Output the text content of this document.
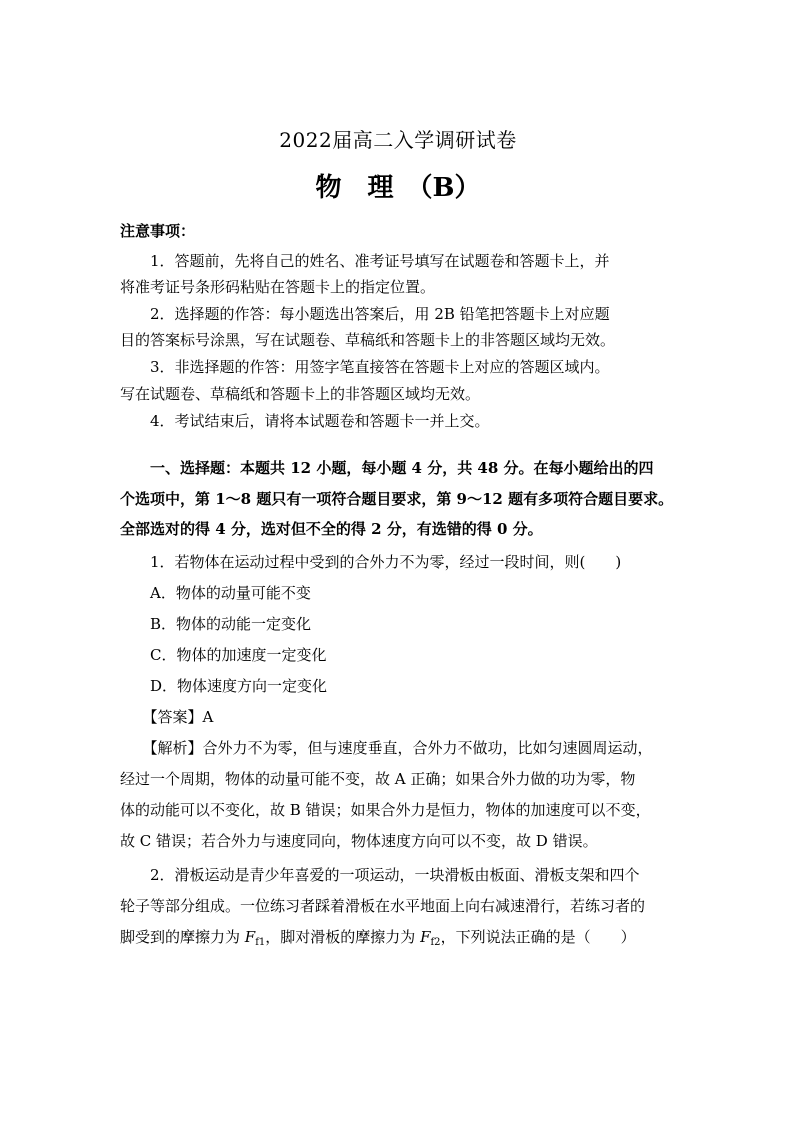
2022届高二入学调研试卷
物　理　（B）
注意事项：
　　1．答题前，先将自己的姓名、准考证号填写在试题卷和答题卡上，并
将准考证号条形码粘贴在答题卡上的指定位置。
　　2．选择题的作答：每小题选出答案后，用 2B 铅笔把答题卡上对应题
目的答案标号涂黑，写在试题卷、草稿纸和答题卡上的非答题区域均无效。
　　3．非选择题的作答：用签字笔直接答在答题卡上对应的答题区域内。
写在试题卷、草稿纸和答题卡上的非答题区域均无效。
　　4．考试结束后，请将本试题卷和答题卡一并上交。
　　一、选择题：本题共 12 小题，每小题 4 分，共 48 分。在每小题给出的四
个选项中，第 1～8 题只有一项符合题目要求，第 9～12 题有多项符合题目要求。
全部选对的得 4 分，选对但不全的得 2 分，有选错的得 0 分。
　　1．若物体在运动过程中受到的合外力不为零，经过一段时间，则(　　)
　　A．物体的动量可能不变
　　B．物体的动能一定变化
　　C．物体的加速度一定变化
　　D．物体速度方向一定变化
　　【答案】A
　　【解析】合外力不为零，但与速度垂直，合外力不做功，比如匀速圆周运动，
经过一个周期，物体的动量可能不变，故 A 正确；如果合外力做的功为零，物
体的动能可以不变化，故 B 错误；如果合外力是恒力，物体的加速度可以不变，
故 C 错误；若合外力与速度同向，物体速度方向可以不变，故 D 错误。
　　2．滑板运动是青少年喜爱的一项运动，一块滑板由板面、滑板支架和四个
轮子等部分组成。一位练习者踩着滑板在水平地面上向右减速滑行，若练习者的
脚受到的摩擦力为 $F_{f1}$，脚对滑板的摩擦力为 $F_{f2}$，下列说法正确的是（　　）
